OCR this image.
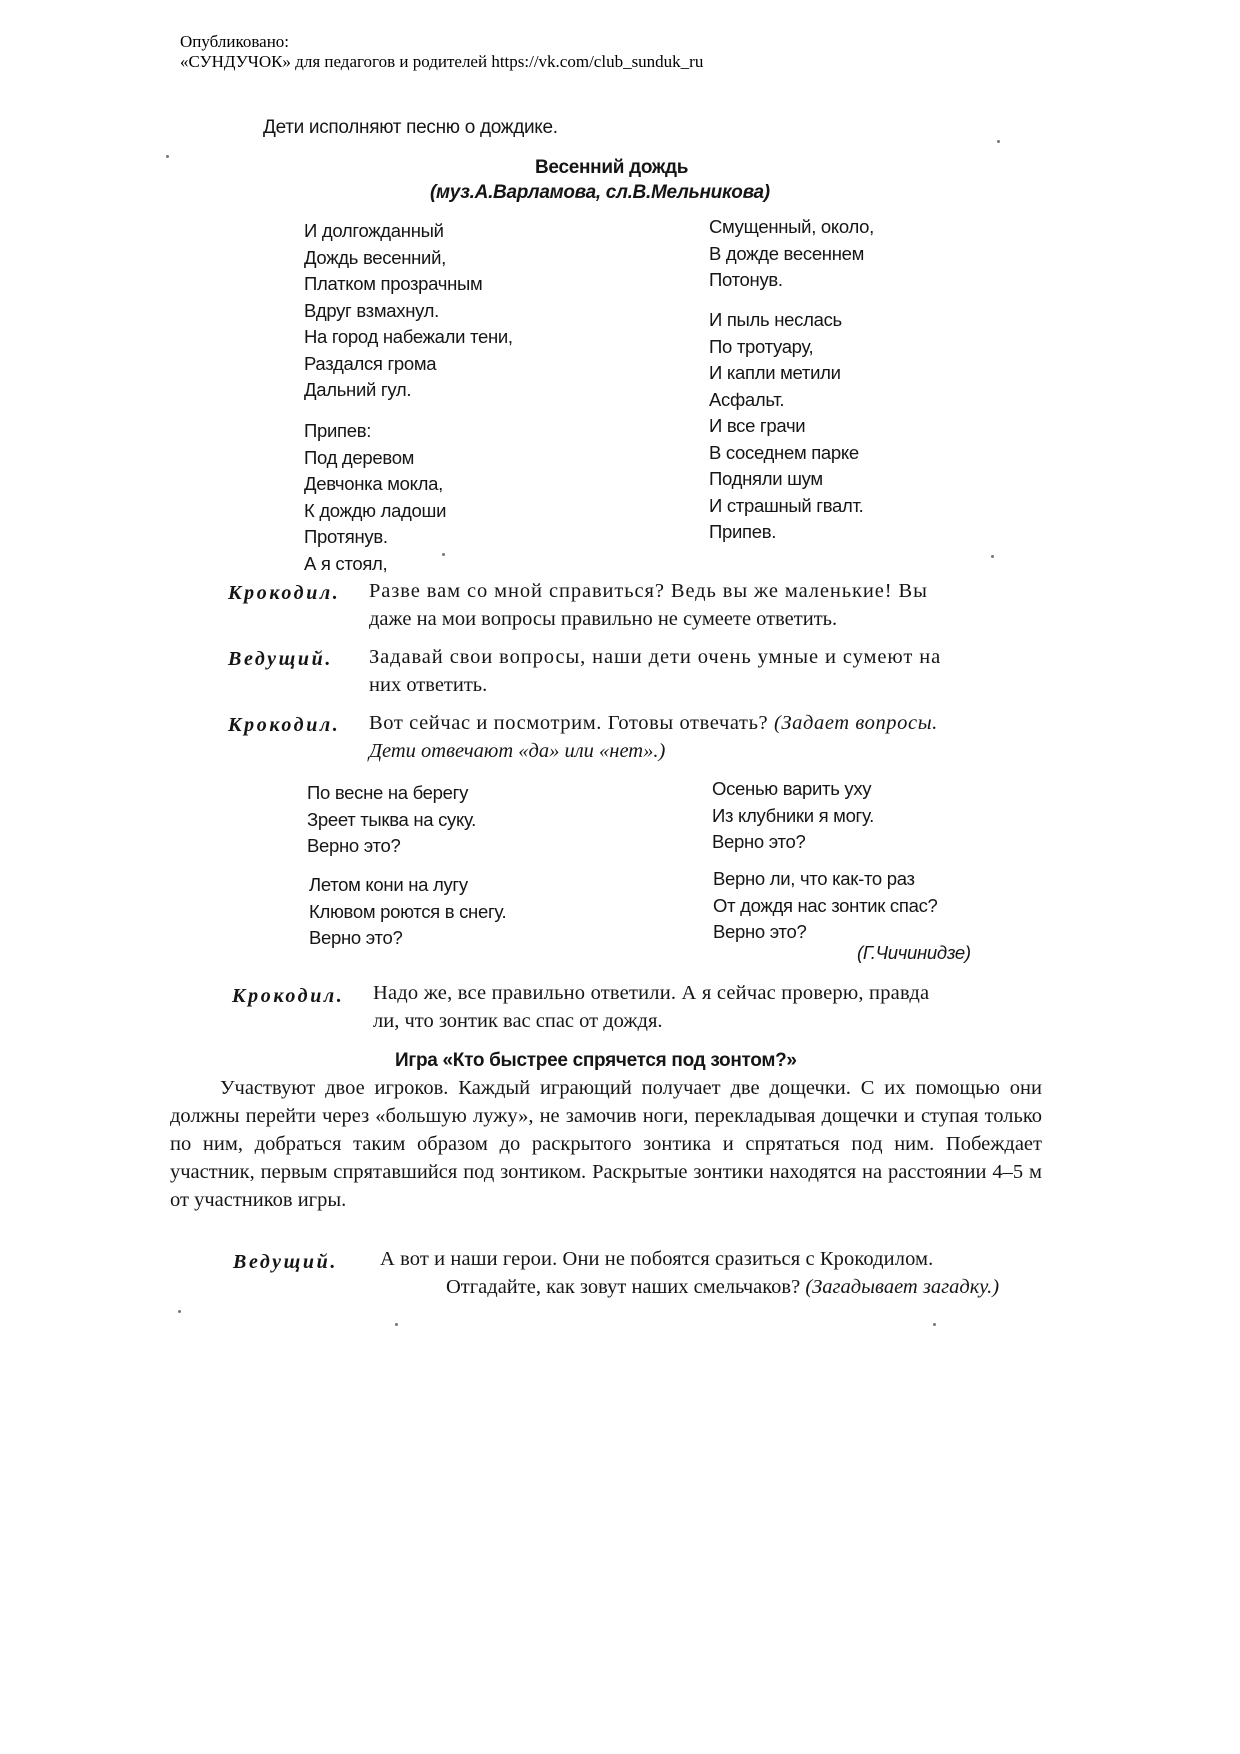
Опубликовано:
«СУНДУЧОК» для педагогов и родителей https://vk.com/club_sunduk_ru
Дети исполняют песню о дождике.
Весенний дождь
(муз.А.Варламова, сл.В.Мельникова)
И долгожданный
Дождь весенний,
Платком прозрачным
Вдруг взмахнул.
На город набежали тени,
Раздался грома
Дальний гул.
Припев:
Под деревом
Девчонка мокла,
К дождю ладоши
Протянув.
А я стоял,
Смущенный, около,
В дожде весеннем
Потонув.
И пыль неслась
По тротуару,
И капли метили
Асфальт.
И все грачи
В соседнем парке
Подняли шум
И страшный гвалт.
Припев.
Крокодил. Разве вам со мной справиться? Ведь вы же маленькие! Вы
даже на мои вопросы правильно не сумеете ответить.
Ведущий. Задавай свои вопросы, наши дети очень умные и сумеют на
них ответить.
Крокодил. Вот сейчас и посмотрим. Готовы отвечать? (Задает вопросы.
Дети отвечают «да» или «нет».)
По весне на берегу
Зреет тыква на суку.
Верно это?
Осенью варить уху
Из клубники я могу.
Верно это?
Летом кони на лугу
Клювом роются в снегу.
Верно это?
Верно ли, что как-то раз
От дождя нас зонтик спас?
Верно это?
(Г.Чичинидзе)
Крокодил. Надо же, все правильно ответили. А я сейчас проверю, правда
ли, что зонтик вас спас от дождя.
Игра «Кто быстрее спрячется под зонтом?»
Участвуют двое игроков. Каждый играющий получает две дощечки. С их помощью они должны перейти через «большую лужу», не замочив ноги, перекладывая дощечки и ступая только по ним, добраться таким образом до раскрытого зонтика и спрятаться под ним. Побеждает участник, первым спрятавшийся под зонтиком. Раскрытые зонтики находятся на расстоянии 4–5 м от участников игры.
Ведущий. А вот и наши герои. Они не побоятся сразиться с Крокодилом.
Отгадайте, как зовут наших смельчаков? (Загадывает загадку.)
